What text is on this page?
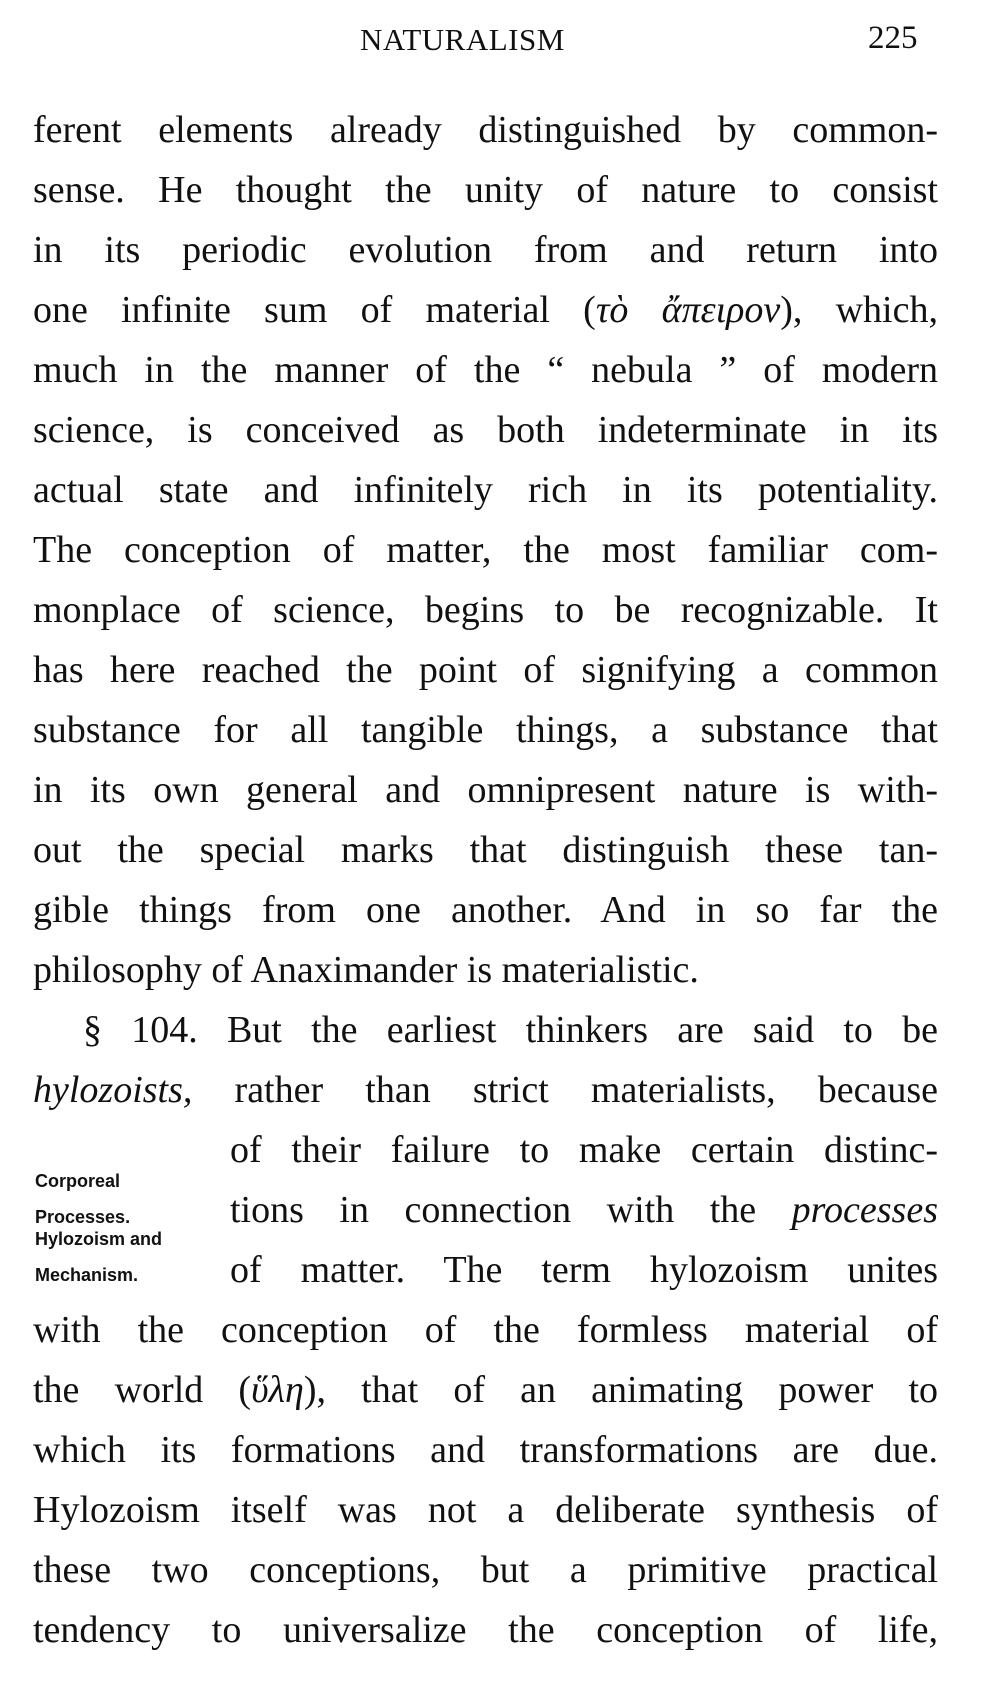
NATURALISM	225
ferent elements already distinguished by common-
sense. He thought the unity of nature to consist
in its periodic evolution from and return into
one infinite sum of material (τὸ ἄπειρον), which,
much in the manner of the “ nebula ” of modern
science, is conceived as both indeterminate in its
actual state and infinitely rich in its potentiality.
The conception of matter, the most familiar com-
monplace of science, begins to be recognizable. It
has here reached the point of signifying a common
substance for all tangible things, a substance that
in its own general and omnipresent nature is with-
out the special marks that distinguish these tan-
gible things from one another. And in so far the
philosophy of Anaximander is materialistic.
§ 104. But the earliest thinkers are said to be
hylozoists, rather than strict materialists, because
of their failure to make certain distinc-
tions in connection with the processes
of matter. The term hylozoism unites
with the conception of the formless material of
the world (ὕλη), that of an animating power to
which its formations and transformations are due.
Hylozoism itself was not a deliberate synthesis of
these two conceptions, but a primitive practical
tendency to universalize the conception of life,
Corporeal
Processes.
Hylozoism and
Mechanism.
